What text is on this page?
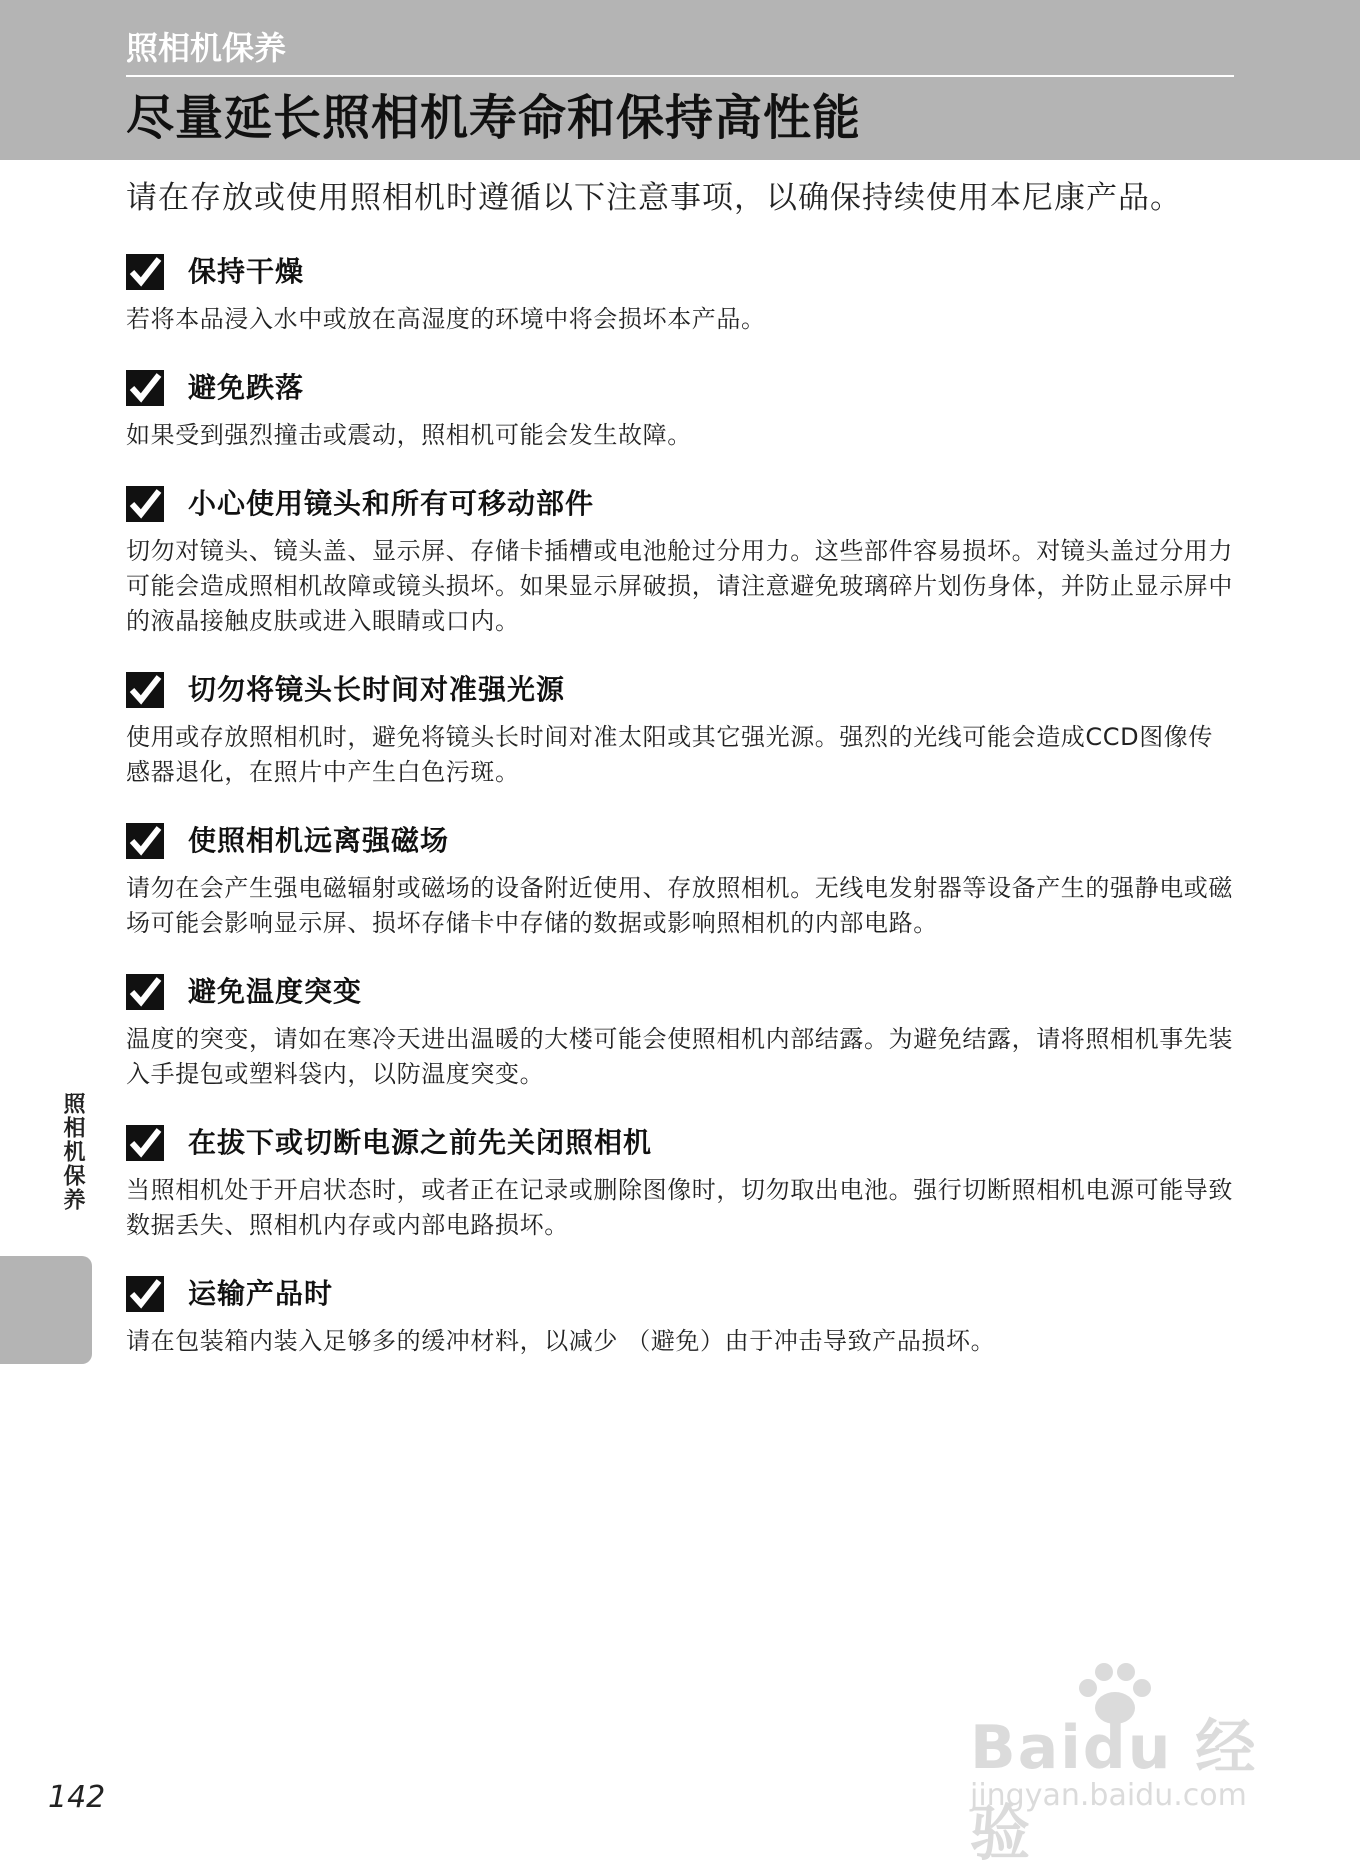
照相机保养
尽量延长照相机寿命和保持高性能
请在存放或使用照相机时遵循以下注意事项，以确保持续使用本尼康产品。
保持干燥
若将本品浸入水中或放在高湿度的环境中将会损坏本产品。
避免跌落
如果受到强烈撞击或震动，照相机可能会发生故障。
小心使用镜头和所有可移动部件
切勿对镜头、镜头盖、显示屏、存储卡插槽或电池舱过分用力。这些部件容易损坏。对镜头盖过分用力可能会造成照相机故障或镜头损坏。如果显示屏破损，请注意避免玻璃碎片划伤身体，并防止显示屏中的液晶接触皮肤或进入眼睛或口内。
切勿将镜头长时间对准强光源
使用或存放照相机时，避免将镜头长时间对准太阳或其它强光源。强烈的光线可能会造成CCD图像传感器退化，在照片中产生白色污斑。
使照相机远离强磁场
请勿在会产生强电磁辐射或磁场的设备附近使用、存放照相机。无线电发射器等设备产生的强静电或磁场可能会影响显示屏、损坏存储卡中存储的数据或影响照相机的内部电路。
避免温度突变
温度的突变，请如在寒冷天进出温暖的大楼可能会使照相机内部结露。为避免结露，请将照相机事先装入手提包或塑料袋内，以防温度突变。
在拔下或切断电源之前先关闭照相机
当照相机处于开启状态时，或者正在记录或删除图像时，切勿取出电池。强行切断照相机电源可能导致数据丢失、照相机内存或内部电路损坏。
运输产品时
请在包装箱内装入足够多的缓冲材料，以减少 （避免）由于冲击导致产品损坏。
照相机保养
142
Baidu 经验
jingyan.baidu.com
